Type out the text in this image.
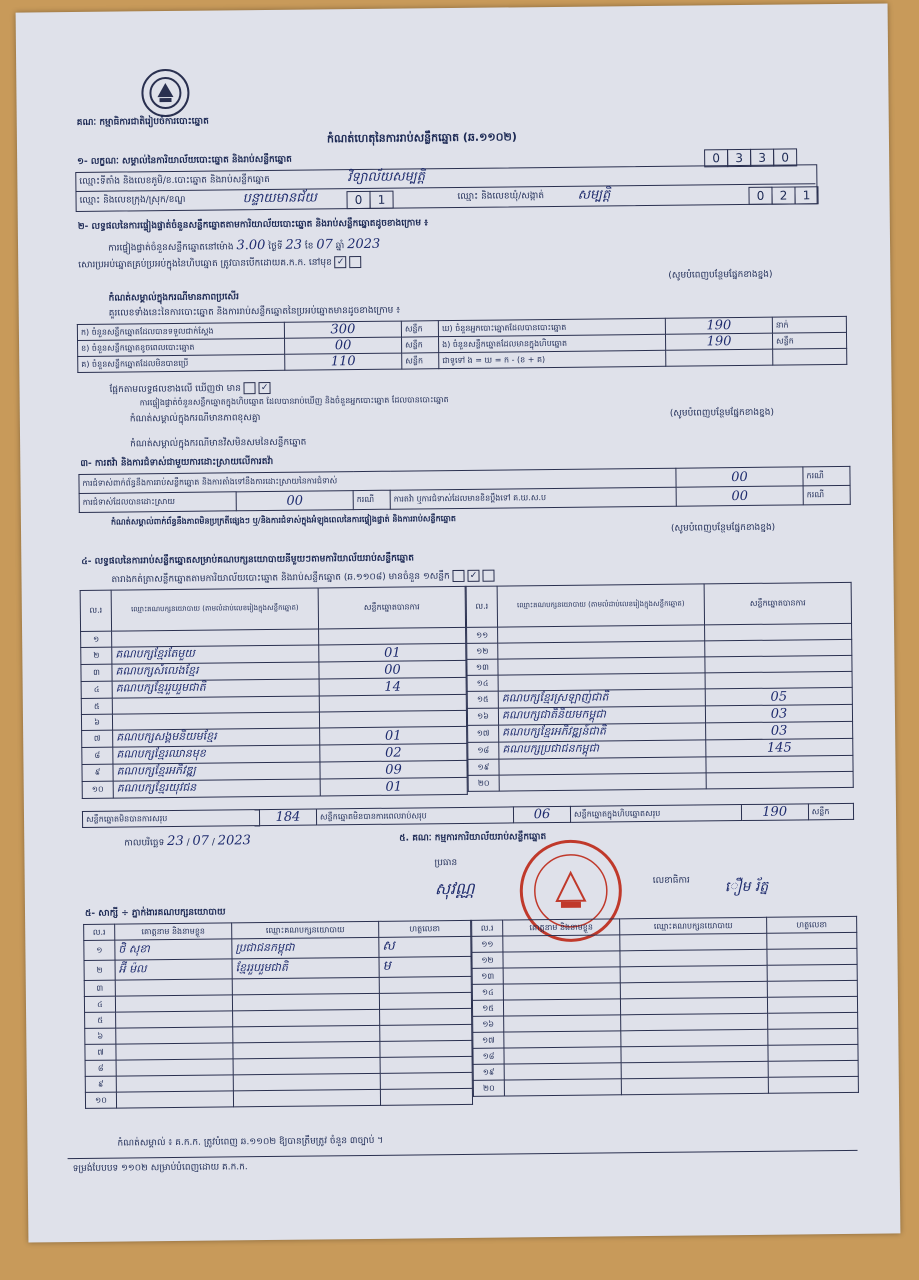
គណៈ កម្មាធិការជាតិរៀបចំការបោះឆ្នោត
កំណត់ហេតុនៃការរាប់សន្លឹកឆ្នោត (ឆ.១១០២)
១- លក្ខណៈ សម្គាល់នៃការិយាល័យបោះឆ្នោត និងរាប់សន្លឹកឆ្នោត	0 3 3 0
ឈ្មោះទីតាំង និងលេខភូមិ/ខ.បោះឆ្នោត និងរាប់សន្លឹកឆ្នោត	វិទ្យាល័យសម្បត្តិ
ឈ្មោះ និងលេខឃុំ/សង្កាត់	សម្បត្តិ	0 2 1
ឈ្មោះ និងលេខក្រុង/ស្រុក/ខណ្ឌ	បន្ទាយមានជ័យ	0 1
២- លទ្ធផលនៃការផ្ទៀងផ្ទាត់ចំនួនសន្លឹកឆ្នោតតាមការិយាល័យបោះឆ្នោត និងរាប់សន្លឹកឆ្នោតដូចខាងក្រោម ៖
ការផ្ទៀងផ្ទាត់ចំនួនសន្លឹកឆ្នោតនៅម៉ោង 3.00 ថ្ងៃទី 23 ខែ 07 ឆ្នាំ 2023
សោរប្រអប់ឆ្នោតគ្រប់ប្រអប់ក្នុងនៃហិបឆ្នោត ត្រូវបានបើកដោយគ.ក.ក. នៅមុខ ✓
(សូមបំពេញបន្ថែមផ្នែកខាងខ្នង)
កំណត់សម្គាល់ក្នុងករណីមានភាពប្រសើរ
គួរលេខទាំងនេះនៃការបោះឆ្នោត និងការរាប់សន្លឹកឆ្នោតនៃប្រអប់ឆ្នោតមានដូចខាងក្រោម ៖
ក) ចំនួនសន្លឹកឆ្នោតដែលបានទទួលជាក់ស្តែង	300	សន្លឹក	ឃ) ចំនួនអ្នកបោះឆ្នោតដែលបានបោះឆ្នោត	190	នាក់
ខ) ចំនួនសន្លឹកឆ្នោតខូចពេលបោះឆ្នោត	00	សន្លឹក	ង) ចំនួនសន្លឹកឆ្នោតដែលមានក្នុងហិបឆ្នោត	190	សន្លឹក
គ) ចំនួនសន្លឹកឆ្នោតដែលមិនបានប្រើ	110	សន្លឹក	ជាទូទៅ ង = ឃ = ក - (ខ + គ)		
ផ្អែកតាមលទ្ធផលខាងលើ ឃើញថា មាន ✓
ការផ្ទៀងផ្ទាត់ចំនួនសន្លឹកឆ្នោតក្នុងហិបឆ្នោត ដែលបានរាប់ឃើញ និងចំនួនអ្នកបោះឆ្នោត ដែលបានបោះឆ្នោត
កំណត់សម្គាល់ក្នុងករណីមានភាពខុសគ្នា	(សូមបំពេញបន្ថែមផ្នែកខាងខ្នង)
កំណត់សម្គាល់ក្នុងករណីមានវិសមិនសមនៃសន្លឹកឆ្នោត
៣- ការតវ៉ា និងការជំទាស់ជាមួយការដោះស្រាយលើការតវ៉ា
ការជំទាស់ពាក់ព័ន្ធនឹងការរាប់សន្លឹកឆ្នោត និងការតាំងទៅនឹងការដោះស្រាយនៃការជំទាស់				00	ករណី
ការជំទាស់ដែលបានដោះស្រាយ	00	ករណី	ការតវ៉ា ឬការជំទាស់ដែលមានខិនប្តឹងទៅ គ.ឃ.ស.ប	00	ករណី
កំណត់សម្គាល់ពាក់ព័ន្ធនឹងភាពមិនប្រក្រតីផ្សេងៗ ឬ/និងការជំទាស់ក្នុងអំឡុងពេលនៃការផ្ទៀងផ្ទាត់ និងការរាប់សន្លឹកឆ្នោត
(សូមបំពេញបន្ថែមផ្នែកខាងខ្នង)
៤- លទ្ធផលនៃការរាប់សន្លឹកឆ្នោតសម្រាប់គណបក្សនយោបាយនីមួយៗតាមការិយាល័យរាប់សន្លឹកឆ្នោត
តារាងកត់ត្រាសន្លឹកឆ្នោតតាមការិយាល័យបោះឆ្នោត និងរាប់សន្លឹកឆ្នោត (ឆ.១១០៨) មានចំនួន ១សន្លឹក ✓
ល.រ	ឈ្មោះគណបក្សនយោបាយ (តាមលំដាប់លេខរៀងក្នុងសន្លឹកឆ្នោត)	សន្លឹកឆ្នោតបានការ
១		
២	គណបក្សខ្មែរតែមួយ	01
៣	គណបក្សសំលេងខ្មែរ	00
៤	គណបក្សខ្មែររួបរួមជាតិ	14
៥		
៦		
៧	គណបក្សសង្គមនិយមខ្មែរ	01
៨	គណបក្សខ្មែរឈានមុខ	02
៩	គណបក្សខ្មែរអភិវឌ្ឍ	09
១០	គណបក្សខ្មែរយុវជន	01
ល.រ	ឈ្មោះគណបក្សនយោបាយ (តាមលំដាប់លេខរៀងក្នុងសន្លឹកឆ្នោត)	សន្លឹកឆ្នោតបានការ
១១		
១២		
១៣		
១៤		
១៥	គណបក្សខ្មែរស្រឡាញ់ជាតិ	05
១៦	គណបក្សជាតិនិយមកម្ពុជា	03
១៧	គណបក្សខ្មែរអភិវឌ្ឍន៍ជាតិ	03
១៨	គណបក្សប្រជាជនកម្ពុជា	145
១៩		
២០		
សន្លឹកឆ្នោតមិនបានការសរុប	184	សន្លឹកឆ្នោតមិនបានការពេលរាប់សរុប	06	សន្លឹកឆ្នោតក្នុងហិបឆ្នោតសរុប	190	សន្លឹក
កាលបរិច្ឆេទ 23 / 07 / 2023	៥. គណៈ កម្មការការិយាល័យរាប់សន្លឹកឆ្នោត
ប្រធាន
សុវណ្ណ	លេខាធិការ ឿម រ័ត្ន
៥- សាក្សី ÷ ភ្នាក់ងារគណបក្សនយោបាយ
ល.រ	គោត្តនាម និងនាមខ្លួន	ឈ្មោះគណបក្សនយោបាយ	ហត្ថលេខា
១	ថិ សុខា	ប្រជាជនកម្ពុជា	ស
២	អ៊ី ម៉ល	ខ្មែររួបរួមជាតិ	ម
៣			
៤			
៥			
៦			
៧			
៨			
៩			
១០			
ល.រ	គោត្តនាម និងនាមខ្លួន	ឈ្មោះគណបក្សនយោបាយ	ហត្ថលេខា
១១			
១២			
១៣			
១៤			
១៥			
១៦			
១៧			
១៨			
១៩			
២០			
កំណត់សម្គាល់ ៖ គ.ក.ក. ត្រូវបំពេញ ឆ.១១០២ ឱ្យបានត្រឹមត្រូវ ចំនួន ៣ច្បាប់ ។
ទម្រង់បែបបទ ១១០២ សម្រាប់បំពេញដោយ គ.ក.ក.
